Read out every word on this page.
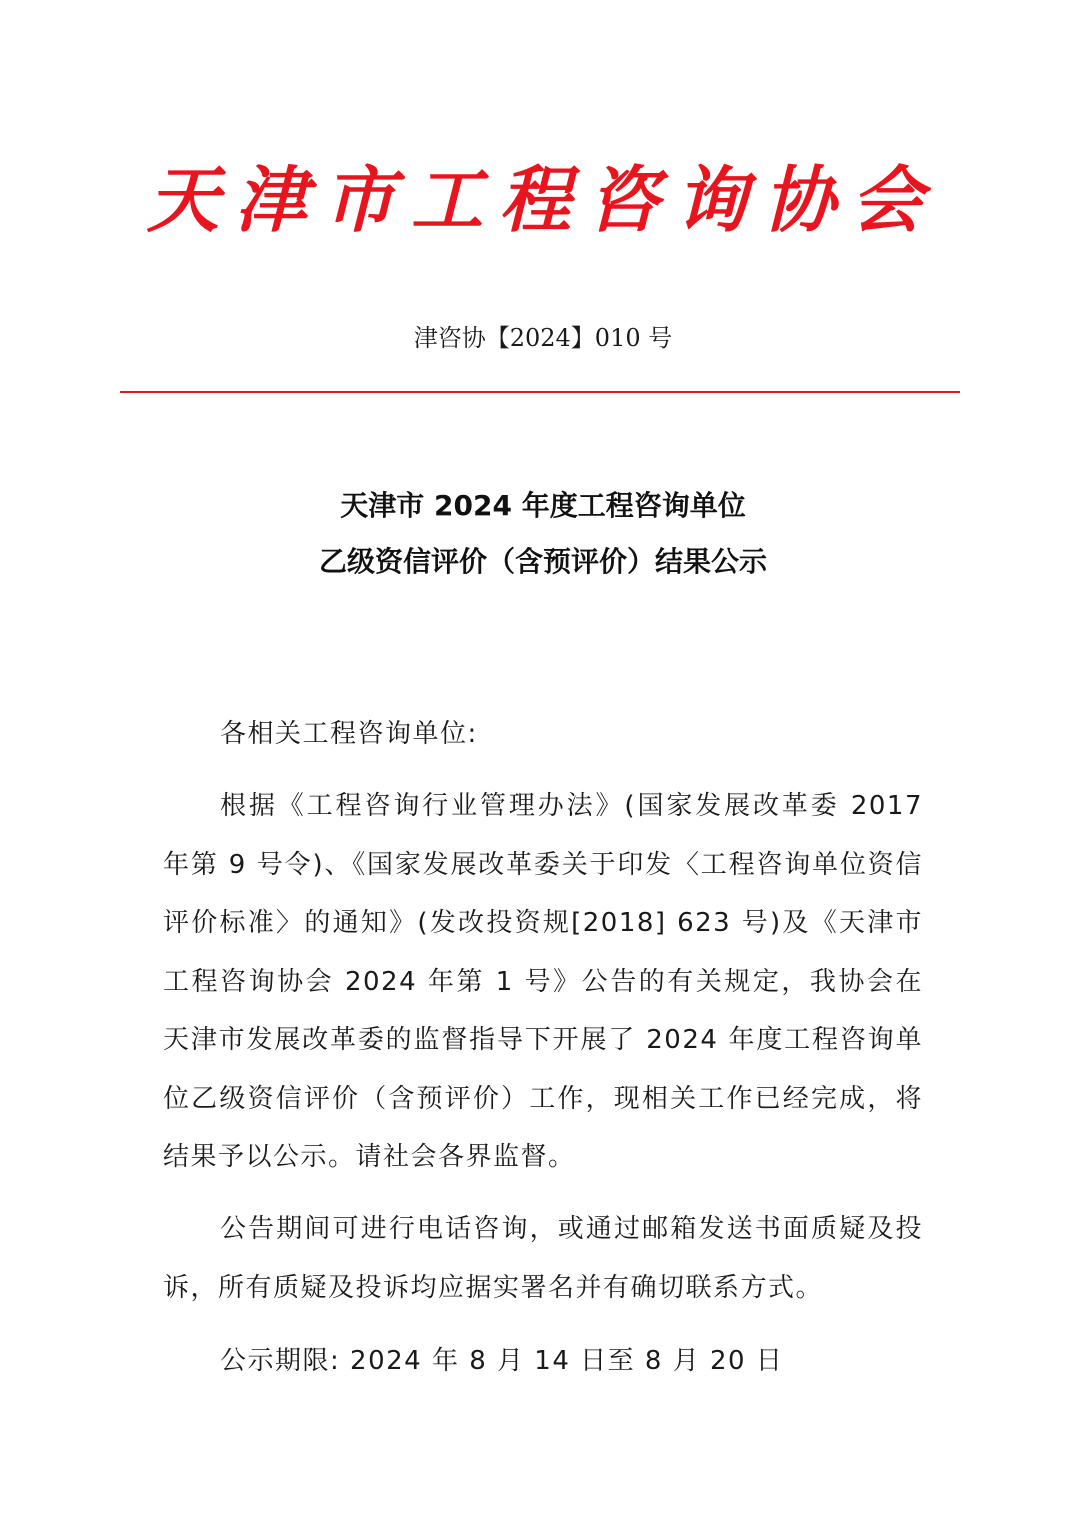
天津市工程咨询协会
津咨协【2024】010 号
天津市 2024 年度工程咨询单位
乙级资信评价（含预评价）结果公示
各相关工程咨询单位:
根据《工程咨询行业管理办法》(国家发展改革委 2017 年第 9 号令)、《国家发展改革委关于印发〈工程咨询单位资信评价标准〉的通知》(发改投资规[2018] 623 号)及《天津市工程咨询协会 2024 年第 1 号》公告的有关规定，我协会在天津市发展改革委的监督指导下开展了 2024 年度工程咨询单位乙级资信评价（含预评价）工作，现相关工作已经完成，将结果予以公示。请社会各界监督。
公告期间可进行电话咨询，或通过邮箱发送书面质疑及投诉，所有质疑及投诉均应据实署名并有确切联系方式。
公示期限: 2024 年 8 月 14 日至 8 月 20 日
